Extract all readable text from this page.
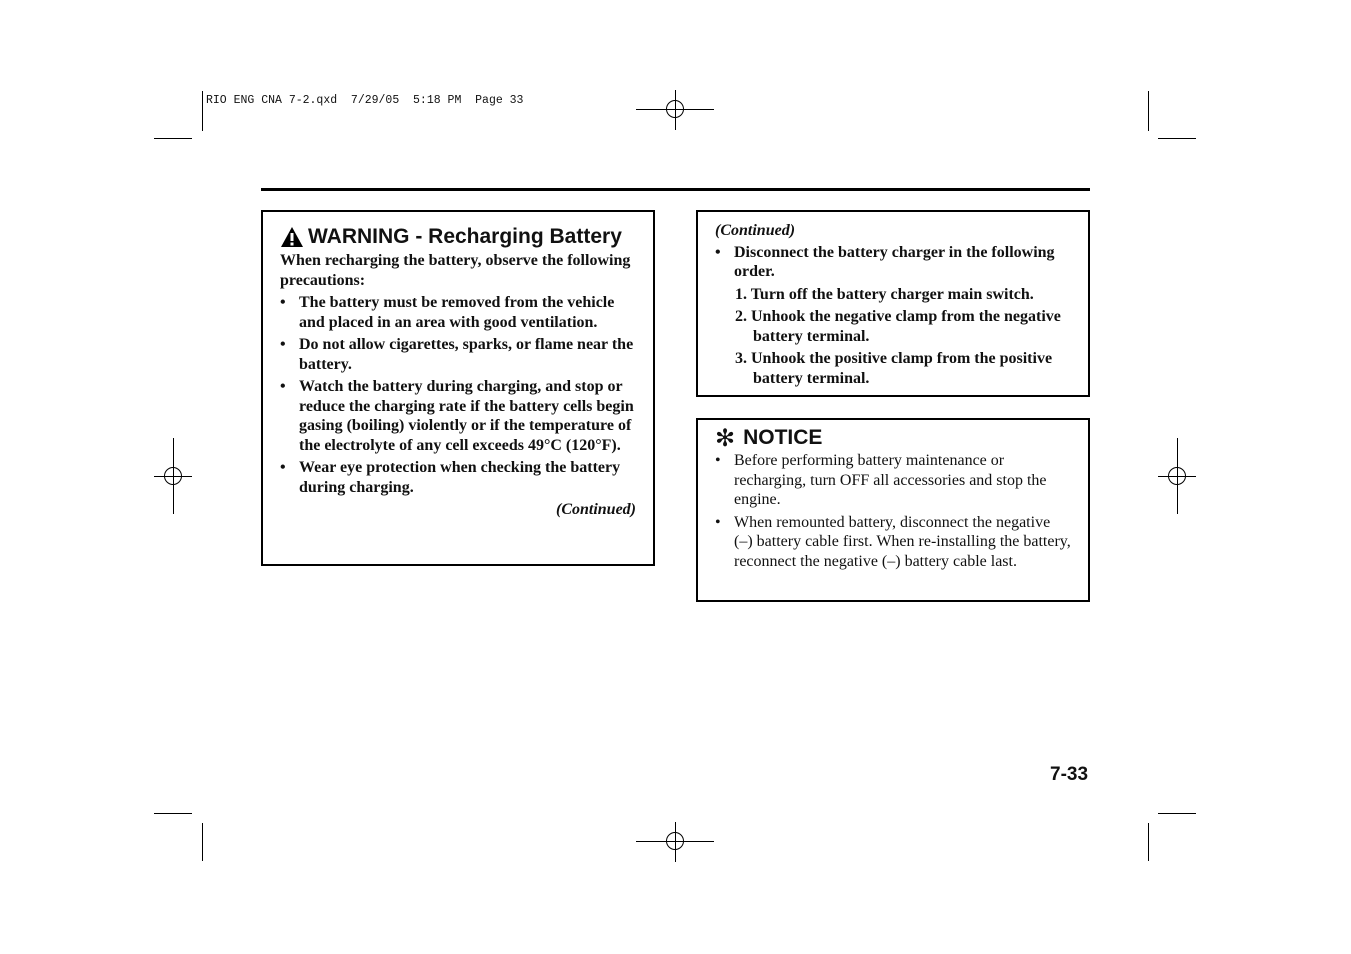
RIO ENG CNA 7-2.qxd  7/29/05  5:18 PM  Page 33
WARNING - Recharging Battery
When recharging the battery, observe the following precautions:
• The battery must be removed from the vehicle and placed in an area with good ventilation.
• Do not allow cigarettes, sparks, or flame near the battery.
• Watch the battery during charging, and stop or reduce the charging rate if the battery cells begin gasing (boiling) violently or if the temperature of the electrolyte of any cell exceeds 49°C (120°F).
• Wear eye protection when checking the battery during charging.
(Continued)
(Continued)
• Disconnect the battery charger in the following order.
1. Turn off the battery charger main switch.
2. Unhook the negative clamp from the negative battery terminal.
3. Unhook the positive clamp from the positive battery terminal.
✻ NOTICE
• Before performing battery maintenance or recharging, turn OFF all accessories and stop the engine.
• When remounted battery, disconnect the negative (–) battery cable first. When re-installing the battery, reconnect the negative (–) battery cable last.
7-33
